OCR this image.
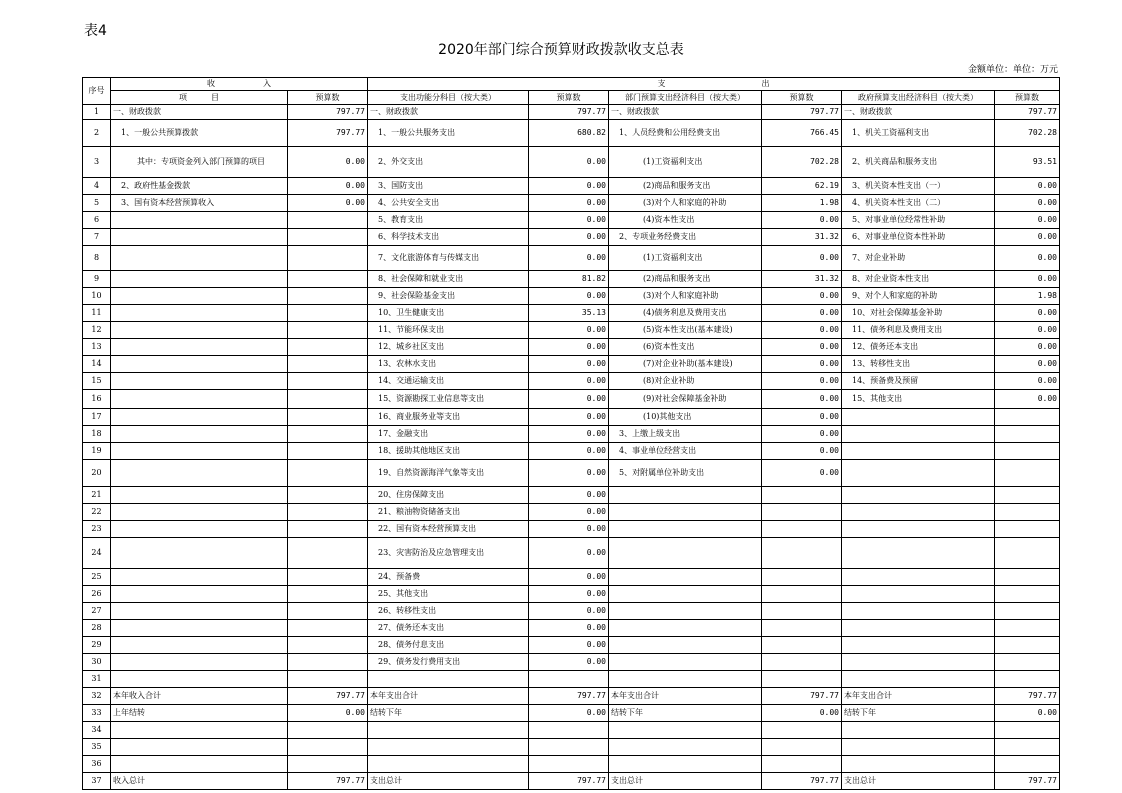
表4
2020年部门综合预算财政拨款收支总表
金额单位：单位：万元
序号	收　　　　　　入		支　　　　　　　　　　　　出					
	项　　　目	预算数	支出功能分科目（按大类）	预算数	部门预算支出经济科目（按大类）	预算数	政府预算支出经济科目（按大类）	预算数
1	一、财政拨款	797.77	一、财政拨款	797.77	一、财政拨款	797.77	一、财政拨款	797.77
2	　1、一般公共预算拨款	797.77	　1、一般公共服务支出	680.82	　1、人员经费和公用经费支出	766.45	　1、机关工资福利支出	702.28
3	　　　其中：专项资金列入部门预算的项目	0.00	　2、外交支出	0.00	　　　　(1)工资福利支出	702.28	　2、机关商品和服务支出	93.51
4	　2、政府性基金拨款	0.00	　3、国防支出	0.00	　　　　(2)商品和服务支出	62.19	　3、机关资本性支出（一）	0.00
5	　3、国有资本经营预算收入	0.00	　4、公共安全支出	0.00	　　　　(3)对个人和家庭的补助	1.98	　4、机关资本性支出（二）	0.00
6			　5、教育支出	0.00	　　　　(4)资本性支出	0.00	　5、对事业单位经常性补助	0.00
7			　6、科学技术支出	0.00	　2、专项业务经费支出	31.32	　6、对事业单位资本性补助	0.00
8			　7、文化旅游体育与传媒支出	0.00	　　　　(1)工资福利支出	0.00	　7、对企业补助	0.00
9			　8、社会保障和就业支出	81.82	　　　　(2)商品和服务支出	31.32	　8、对企业资本性支出	0.00
10			　9、社会保险基金支出	0.00	　　　　(3)对个人和家庭补助	0.00	　9、对个人和家庭的补助	1.98
11			　10、卫生健康支出	35.13	　　　　(4)债务利息及费用支出	0.00	　10、对社会保障基金补助	0.00
12			　11、节能环保支出	0.00	　　　　(5)资本性支出(基本建设)	0.00	　11、债务利息及费用支出	0.00
13			　12、城乡社区支出	0.00	　　　　(6)资本性支出	0.00	　12、债务还本支出	0.00
14			　13、农林水支出	0.00	　　　　(7)对企业补助(基本建设)	0.00	　13、转移性支出	0.00
15			　14、交通运输支出	0.00	　　　　(8)对企业补助	0.00	　14、预备费及预留	0.00
16			　15、资源勘探工业信息等支出	0.00	　　　　(9)对社会保障基金补助	0.00	　15、其他支出	0.00
17			　16、商业服务业等支出	0.00	　　　　(10)其他支出	0.00		
18			　17、金融支出	0.00	　3、上缴上级支出	0.00		
19			　18、援助其他地区支出	0.00	　4、事业单位经营支出	0.00		
20			　19、自然资源海洋气象等支出	0.00	　5、对附属单位补助支出	0.00		
21			　20、住房保障支出	0.00				
22			　21、粮油物资储备支出	0.00				
23			　22、国有资本经营预算支出	0.00				
24			　23、灾害防治及应急管理支出	0.00				
25			　24、预备费	0.00				
26			　25、其他支出	0.00				
27			　26、转移性支出	0.00				
28			　27、债务还本支出	0.00				
29			　28、债务付息支出	0.00				
30			　29、债务发行费用支出	0.00				
31								
32	本年收入合计	797.77	本年支出合计	797.77	本年支出合计	797.77	本年支出合计	797.77
33	上年结转	0.00	结转下年	0.00	结转下年	0.00	结转下年	0.00
34								
35								
36								
37	收入总计	797.77	支出总计	797.77	支出总计	797.77	支出总计	797.77
